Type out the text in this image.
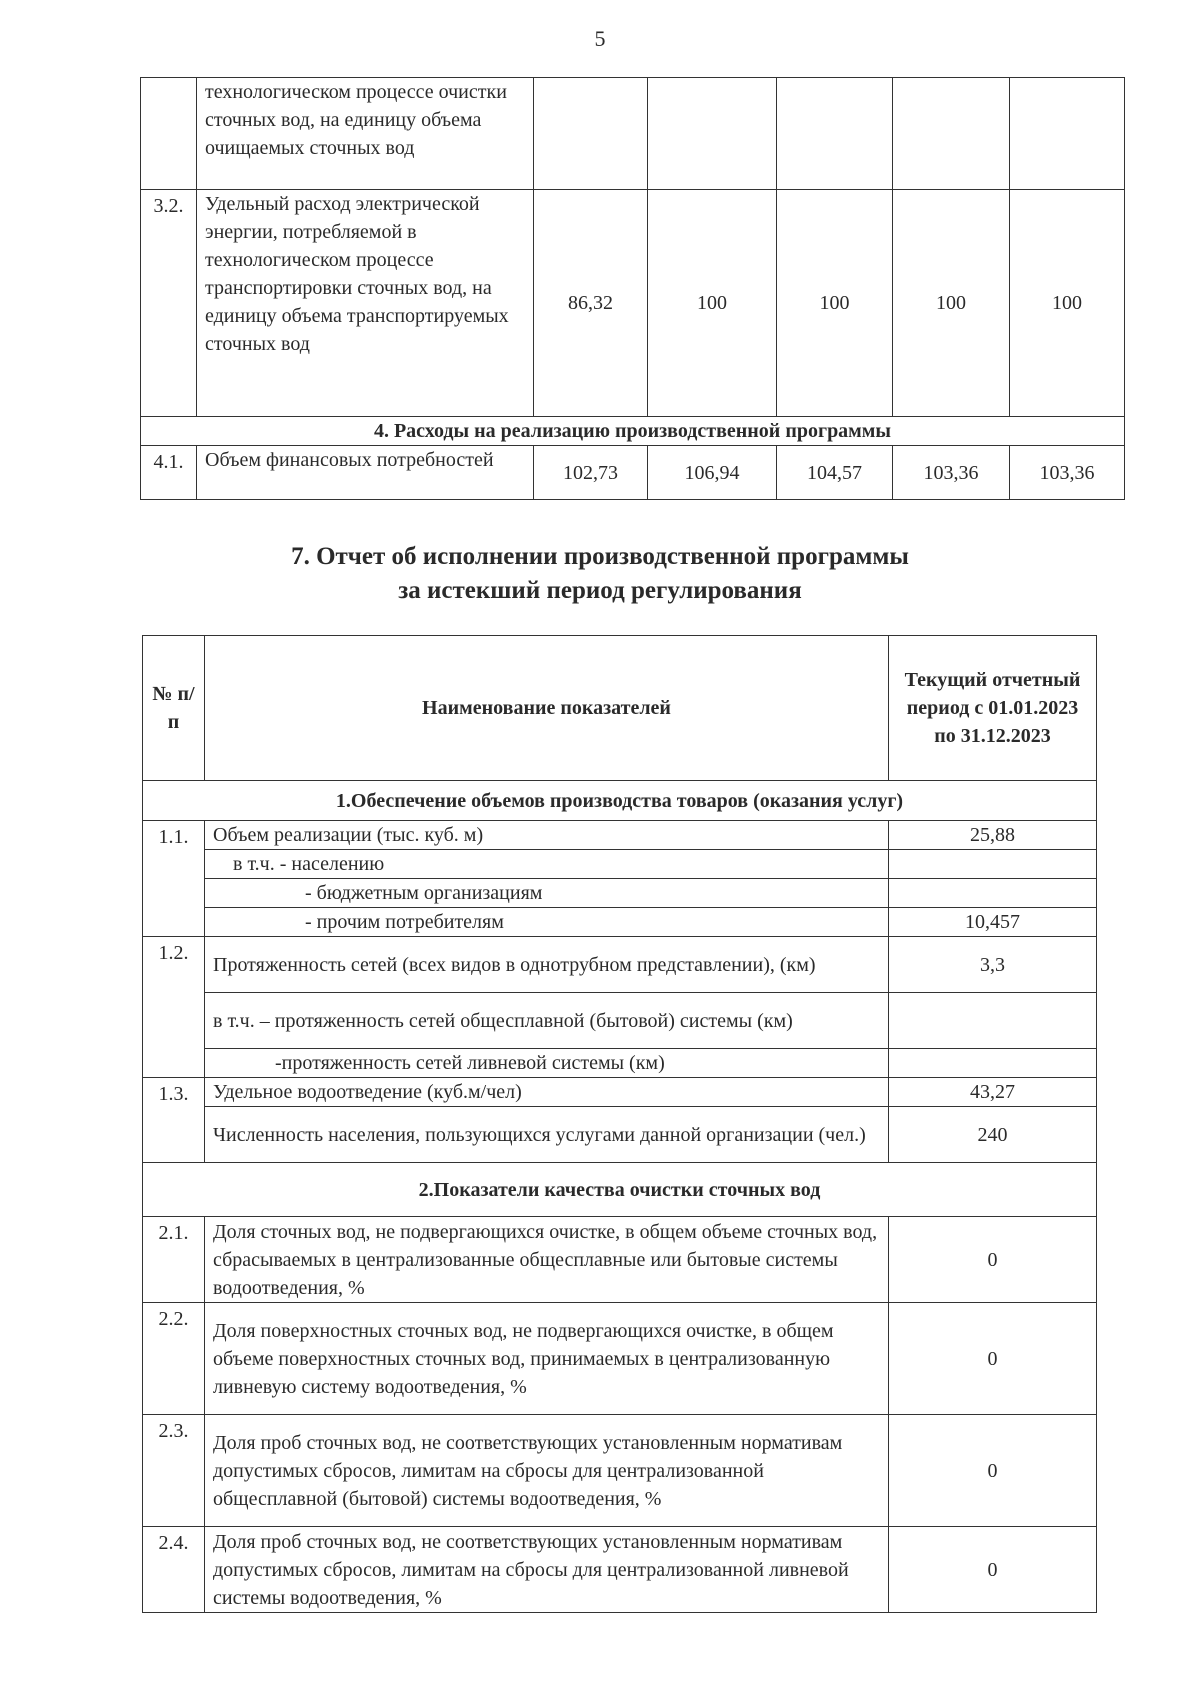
5
	технологическом процессе очистки сточных вод, на единицу объема очищаемых сточных вод					
3.2.	Удельный расход электрической энергии, потребляемой в технологическом процессе транспортировки сточных вод, на единицу объема транспортируемых сточных вод	86,32	100	100	100	100
4. Расходы на реализацию производственной программы						
4.1.	Объем финансовых потребностей	102,73	106,94	104,57	103,36	103,36
7. Отчет об исполнении производственной программы
за истекший период регулирования
№ п/п	Наименование показателей	Текущий отчетный период с 01.01.2023 по 31.12.2023
1.Обеспечение объемов производства товаров (оказания услуг)		
1.1.	Объем реализации (тыс. куб. м)	25,88
	в т.ч. - населению	
	- бюджетным организациям	
	- прочим потребителям	10,457
1.2.	Протяженность сетей (всех видов в однотрубном представлении), (км)	3,3
	в т.ч. – протяженность сетей общесплавной (бытовой) системы (км)	
	-протяженность сетей ливневой системы (км)	
1.3.	Удельное водоотведение (куб.м/чел)	43,27
	Численность населения, пользующихся услугами данной организации (чел.)	240
2.Показатели качества очистки сточных вод		
2.1.	Доля сточных вод, не подвергающихся очистке, в общем объеме сточных вод, сбрасываемых в централизованные общесплавные или бытовые системы водоотведения, %	0
2.2.	Доля поверхностных сточных вод, не подвергающихся очистке, в общем объеме поверхностных сточных вод, принимаемых в централизованную ливневую систему водоотведения, %	0
2.3.	Доля проб сточных вод, не соответствующих установленным нормативам допустимых сбросов, лимитам на сбросы для централизованной общесплавной (бытовой) системы водоотведения, %	0
2.4.	Доля проб сточных вод, не соответствующих установленным нормативам допустимых сбросов, лимитам на сбросы для централизованной ливневой системы водоотведения, %	0
